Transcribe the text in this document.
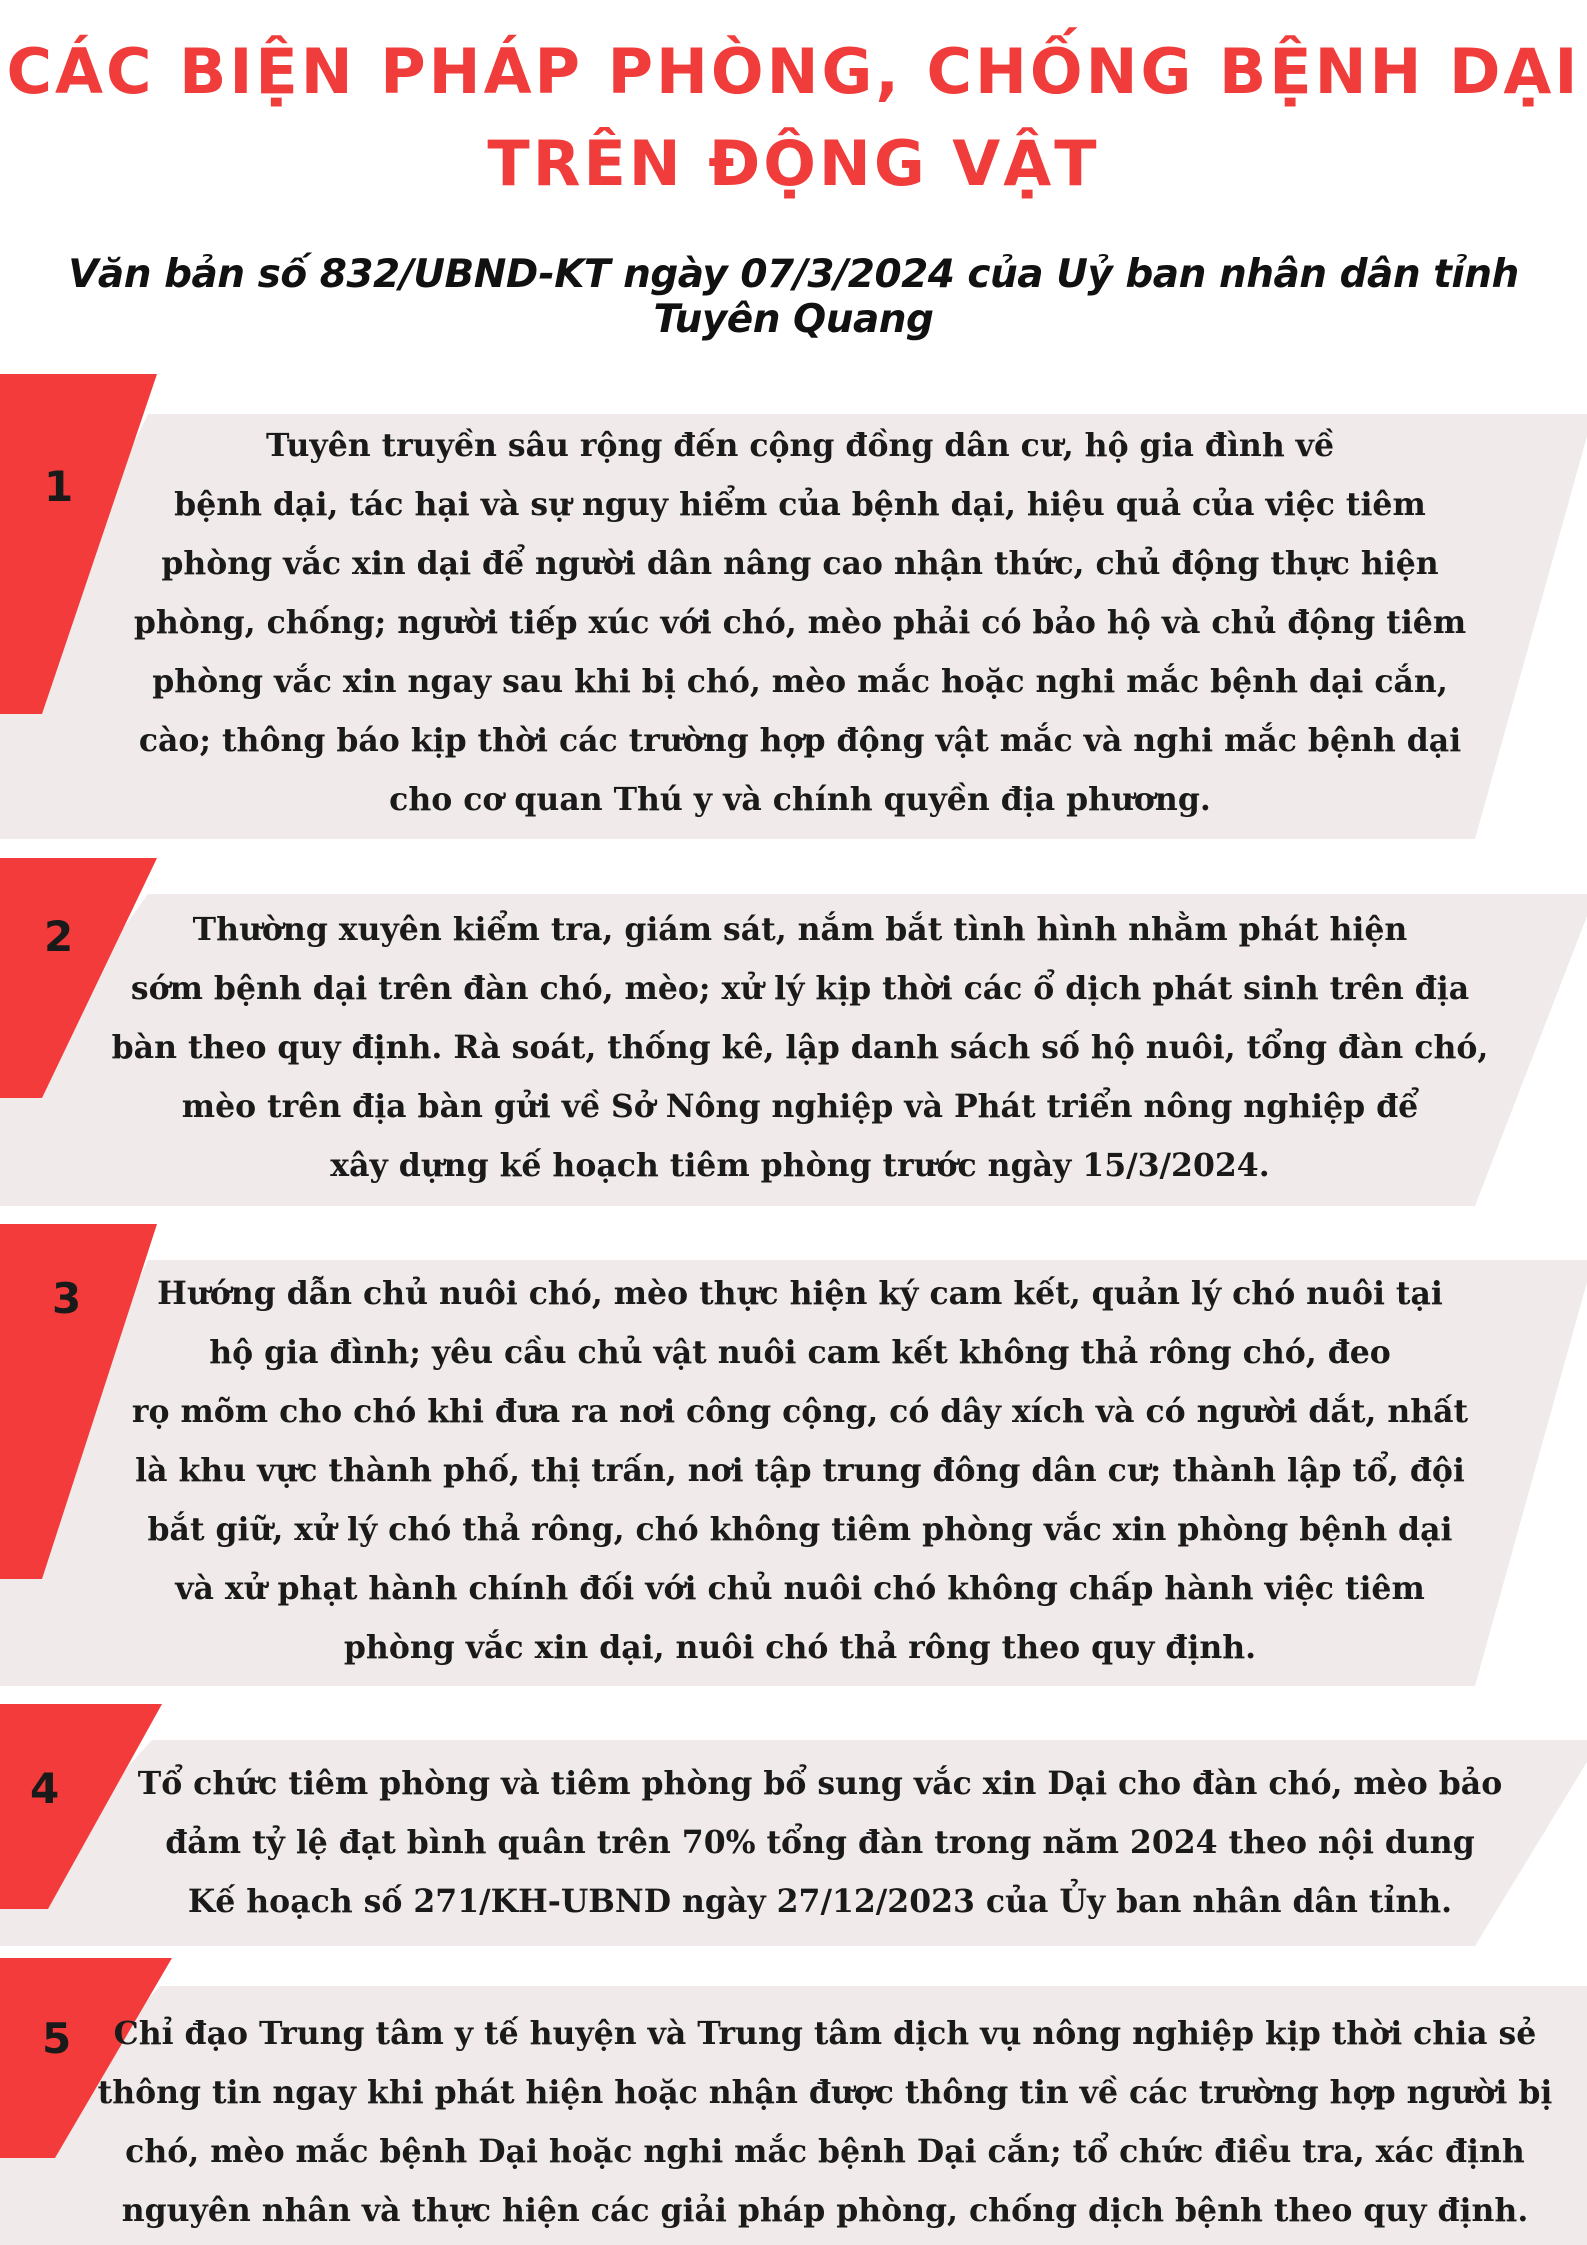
CÁC BIỆN PHÁP PHÒNG, CHỐNG BỆNH DẠI
TRÊN ĐỘNG VẬT

Văn bản số 832/UBND-KT ngày 07/3/2024 của Uỷ ban nhân dân tỉnh Tuyên Quang

1
Tuyên truyền sâu rộng đến cộng đồng dân cư, hộ gia đình về
bệnh dại, tác hại và sự nguy hiểm của bệnh dại, hiệu quả của việc tiêm
phòng vắc xin dại để người dân nâng cao nhận thức, chủ động thực hiện
phòng, chống; người tiếp xúc với chó, mèo phải có bảo hộ và chủ động tiêm
phòng vắc xin ngay sau khi bị chó, mèo mắc hoặc nghi mắc bệnh dại cắn,
cào; thông báo kịp thời các trường hợp động vật mắc và nghi mắc bệnh dại
cho cơ quan Thú y và chính quyền địa phương.
2	Thường xuyên kiểm tra, giám sát, nắm bắt tình hình nhằm phát hiện
sớm bệnh dại trên đàn chó, mèo; xử lý kịp thời các ổ dịch phát sinh trên địa
bàn theo quy định. Rà soát, thống kê, lập danh sách số hộ nuôi, tổng đàn chó,
mèo trên địa bàn gửi về Sở Nông nghiệp và Phát triển nông nghiệp để
xây dựng kế hoạch tiêm phòng trước ngày 15/3/2024.
3	Hướng dẫn chủ nuôi chó, mèo thực hiện ký cam kết, quản lý chó nuôi tại
hộ gia đình; yêu cầu chủ vật nuôi cam kết không thả rông chó, đeo
rọ mõm cho chó khi đưa ra nơi công cộng, có dây xích và có người dắt, nhất
là khu vực thành phố, thị trấn, nơi tập trung đông dân cư; thành lập tổ, đội
bắt giữ, xử lý chó thả rông, chó không tiêm phòng vắc xin phòng bệnh dại
và xử phạt hành chính đối với chủ nuôi chó không chấp hành việc tiêm
phòng vắc xin dại, nuôi chó thả rông theo quy định.
4	Tổ chức tiêm phòng và tiêm phòng bổ sung vắc xin Dại cho đàn chó, mèo bảo
đảm tỷ lệ đạt bình quân trên 70% tổng đàn trong năm 2024 theo nội dung
Kế hoạch số 271/KH-UBND ngày 27/12/2023 của Ủy ban nhân dân tỉnh.
5	Chỉ đạo Trung tâm y tế huyện và Trung tâm dịch vụ nông nghiệp kịp thời chia sẻ
thông tin ngay khi phát hiện hoặc nhận được thông tin về các trường hợp người bị
chó, mèo mắc bệnh Dại hoặc nghi mắc bệnh Dại cắn; tổ chức điều tra, xác định
nguyên nhân và thực hiện các giải pháp phòng, chống dịch bệnh theo quy định.
